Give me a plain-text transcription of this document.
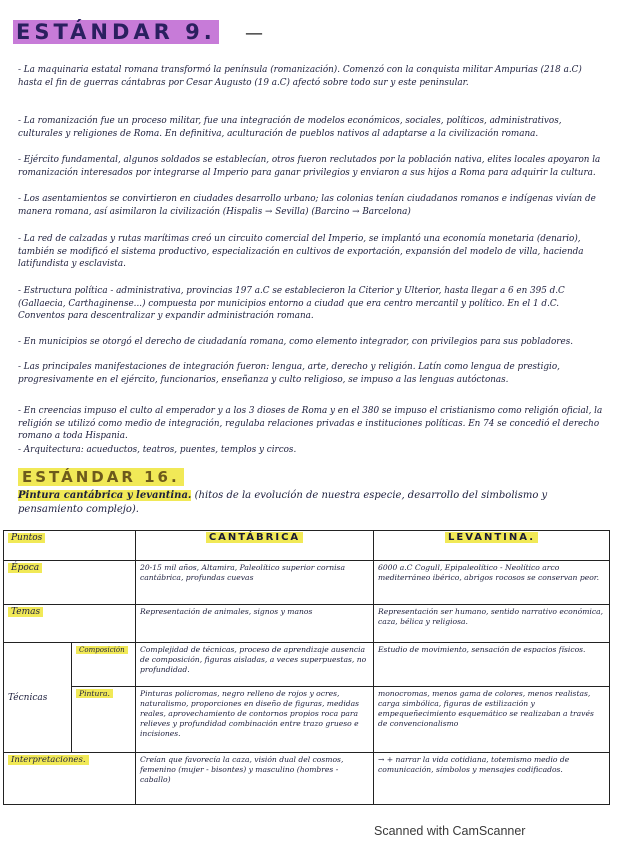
ESTÁNDAR 9. —
- La maquinaria estatal romana transformó la península (romanización). Comenzó con la conquista militar Ampurias (218 a.C) hasta el fin de guerras cántabras por Cesar Augusto (19 a.C) afectó sobre todo sur y este peninsular.
- La romanización fue un proceso militar, fue una integración de modelos económicos, sociales, políticos, administrativos, culturales y religiones de Roma. En definitiva, aculturación de pueblos nativos al adaptarse a la civilización romana.
- Ejército fundamental, algunos soldados se establecían, otros fueron reclutados por la población nativa, elites locales apoyaron la romanización interesados por integrarse al Imperio para ganar privilegios y enviaron a sus hijos a Roma para adquirir la cultura.
- Los asentamientos se convirtieron en ciudades desarrollo urbano; las colonias tenían ciudadanos romanos e indígenas vivían de manera romana, así asimilaron la civilización (Hispalis → Sevilla) (Barcino → Barcelona)
- La red de calzadas y rutas marítimas creó un circuito comercial del Imperio, se implantó una economía monetaria (denario), también se modificó el sistema productivo, especialización en cultivos de exportación, expansión del modelo de villa, hacienda latifundista y esclavista.
- Estructura política - administrativa, provincias 197 a.C se establecieron la Citerior y Ulterior, hasta llegar a 6 en 395 d.C (Gallaecia, Carthaginense...) compuesta por municipios entorno a ciudad que era centro mercantil y político. En el 1 d.C. Conventos para descentralizar y expandir administración romana.
- En municipios se otorgó el derecho de ciudadanía romana, como elemento integrador, con privilegios para sus pobladores.
- Las principales manifestaciones de integración fueron: lengua, arte, derecho y religión. Latín como lengua de prestigio, progresivamente en el ejército, funcionarios, enseñanza y culto religioso, se impuso a las lenguas autóctonas.
- En creencias impuso el culto al emperador y a los 3 dioses de Roma y en el 380 se impuso el cristianismo como religión oficial, la religión se utilizó como medio de integración, regulaba relaciones privadas e instituciones políticas. En 74 se concedió el derecho romano a toda Hispania.
- Arquitectura: acueductos, teatros, puentes, templos y circos.
ESTÁNDAR 16.
Pintura cantábrica y levantina. (hitos de la evolución de nuestra especie, desarrollo del simbolismo y pensamiento complejo).
Puntos		CANTÁBRICA	LEVANTINA.
Época		20-15 mil años, Altamira, Paleolítico superior cornisa cantábrica, profundas cuevas	6000 a.C Cogull, Epipaleolítico - Neolítico arco mediterráneo ibérico, abrigos rocosos se conservan peor.
Temas		Representación de animales, signos y manos	Representación ser humano, sentido narrativo económica, caza, bélica y religiosa.
Técnicas	Composición	Complejidad de técnicas, proceso de aprendizaje ausencia de composición, figuras aisladas, a veces superpuestas, no profundidad.	Estudio de movimiento, sensación de espacios físicos.
	Pintura.	Pinturas policromas, negro relleno de rojos y ocres, naturalismo, proporciones en diseño de figuras, medidas reales, aprovechamiento de contornos propios roca para relieves y profundidad combinación entre trazo grueso e incisiones.	monocromas, menos gama de colores, menos realistas, carga simbólica, figuras de estilización y empequeñecimiento esquemático se realizaban a través de convencionalismo
Interpretaciones.		Creían que favorecía la caza, visión dual del cosmos, femenino (mujer - bisontes) y masculino (hombres - caballo)	→ + narrar la vida cotidiana, totemismo medio de comunicación, símbolos y mensajes codificados.
Scanned with CamScanner
